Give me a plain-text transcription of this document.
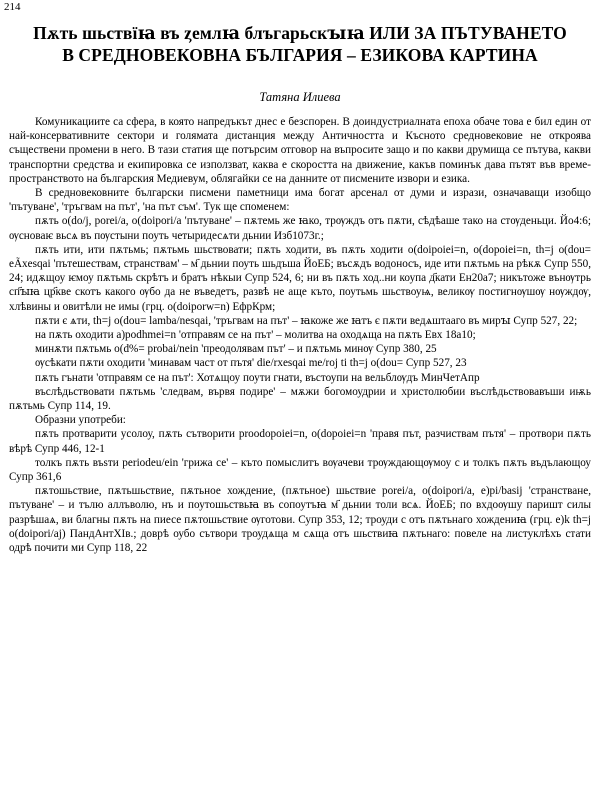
214
Пѫть шьствїꙗ въ ȥемлꙗ блъгарьскꙑꙗ ИЛИ ЗА ПЪТУВАНЕТО
В СРЕДНОВЕКОВНА БЪЛГАРИЯ – ЕЗИКОВА КАРТИНА
Татяна Илиева

Комуникациите са сфера, в която напредъкът днес е безспорен. В доиндустриалната епоха обаче това е бил един от най-консервативните сектори и голямата дистанция между Античността и Късното средновековие не откроява съществени промени в него. В тази статия ще потърсим отговор на въпросите защо и по какви друмища се пътува, какви транспортни средства и екипировка се използват, каква е скоростта на движение, какъв поминък дава пътят във време-пространството на българския Медиевум, облягайки се на данните от писмените извори и езика.

В средновековните български писмени паметници има богат арсенал от думи и изрази, означаващи изобщо 'пътуване', 'тръгвам на път', 'на път съм'. Тук ще споменем:

пѫть o(do/j, porei/a, o(doipori/a 'пътуване' – пѫтемь же ꙗко, трѹждъ отъ пѫти, сѣдѣаше тако на стѹденьци. Йо4:6; ѹсноваѥ вьсѧ въ пѹстыни поуть четыридесѧти дьнии Изб1073г.;

пѫть ити, ити пѫтьмь; пѫтьмь шьствовати; пѫть ходити, въ пѫть ходити o(doipoiei=n, o(dopoiei=n, th=j o(dou= eÃxesqai 'пътешествам, странствам' – м҃ дьнии поуть шьдъша ЙоЕБ; въсѫдъ водоносъ, иде ити пѫтьмь на рѣкѫ Супр 550, 24; идѫщоу ѥмоу пѫтьмь скрѣтъ и братъ нѣкыи Супр 524, 6; ни въ пѫть ход..ни коупа д҃кати Ен20а7; никътоже вънѹтрь сп҃ꙑꙗ цр҃кве скотъ какого ѹбо да не въведетъ, развѣ не аще къто, поутьмь шьствоуѩ, великѹ постигнѹшѹ нѹждѹ, хлѣвины и овитѣли не имы (грц. o(doiporw=n) ЕфрКрм;

пѫти є ѧти, th=j o(dou= lamba/nesqai, 'тръгвам на път' – ꙗкоже же ꙗтъ є пѫти ведѧштааго въ мирꙑ Супр 527, 22;

на пѫть оходити a)podhmei=n 'отправям се на път' – молитва на оходѧща на пѫть Евх 18а10;

минѫти пѫтьмь o(d%= probai/nein 'преодолявам път' – и пѫтьмь минѹ Супр 380, 25

ѹсѣкати пѫти оходити 'минавам част от пътя' die/rxesqai me/roj ti th=j o(dou= Супр 527, 23

пѫть гънати 'отправям се на път': Хотѧщоу поути гнати, въстоупи на вельблѹдъ МинЧетАпр

въслѣдьствовати пѫтьмь 'следвам, вървя подире' – мѫжи богомоудрии и христолюбии въслѣдьствовавъши иѭь пѫтьмь Супр 114, 19.

Образни употреби:

пѫть протварити усолоу, пѫть сътворити proodopoiei=n, o(dopoiei=n 'правя път, разчиствам пътя' – протвори пѫть вѣрѣ Супр 446, 12-1

толкъ пѫть въѕти periodeu/ein 'грижа се' – къто помыслитъ вѹачеви трѹждающѹмоу с и толкъ пѫть въдълающоу Супр 361,6

пѫтошьствие, пѫтьшьствие, пѫтьное хождение, (пѫтьное) шьствие porei/a, o(doipori/a, e)pi/basij 'странстване, пътуване' – и тълю аллъволю, нъ и поутошьствьꙗ въ сопоутъꙗ м҃ дьнии толи всѧ. ЙоЕБ; по вхдоѹшу паришт силы разрѣшаѧ, ви благны пѫть на пиесе пѫтошьствие ѹготови. Супр 353, 12; троуди с отъ пѫтьнаго хождениꙗ (грц. e)k th=j o(doipori/aj) ПандАнтХІв.; доврѣ оубо сътвори троудѧща м сѧща отъ шьствиꙗ пѫтьнаго: повеле на листуклѣхъ стати одрѣ почити ми Супр 118, 22
